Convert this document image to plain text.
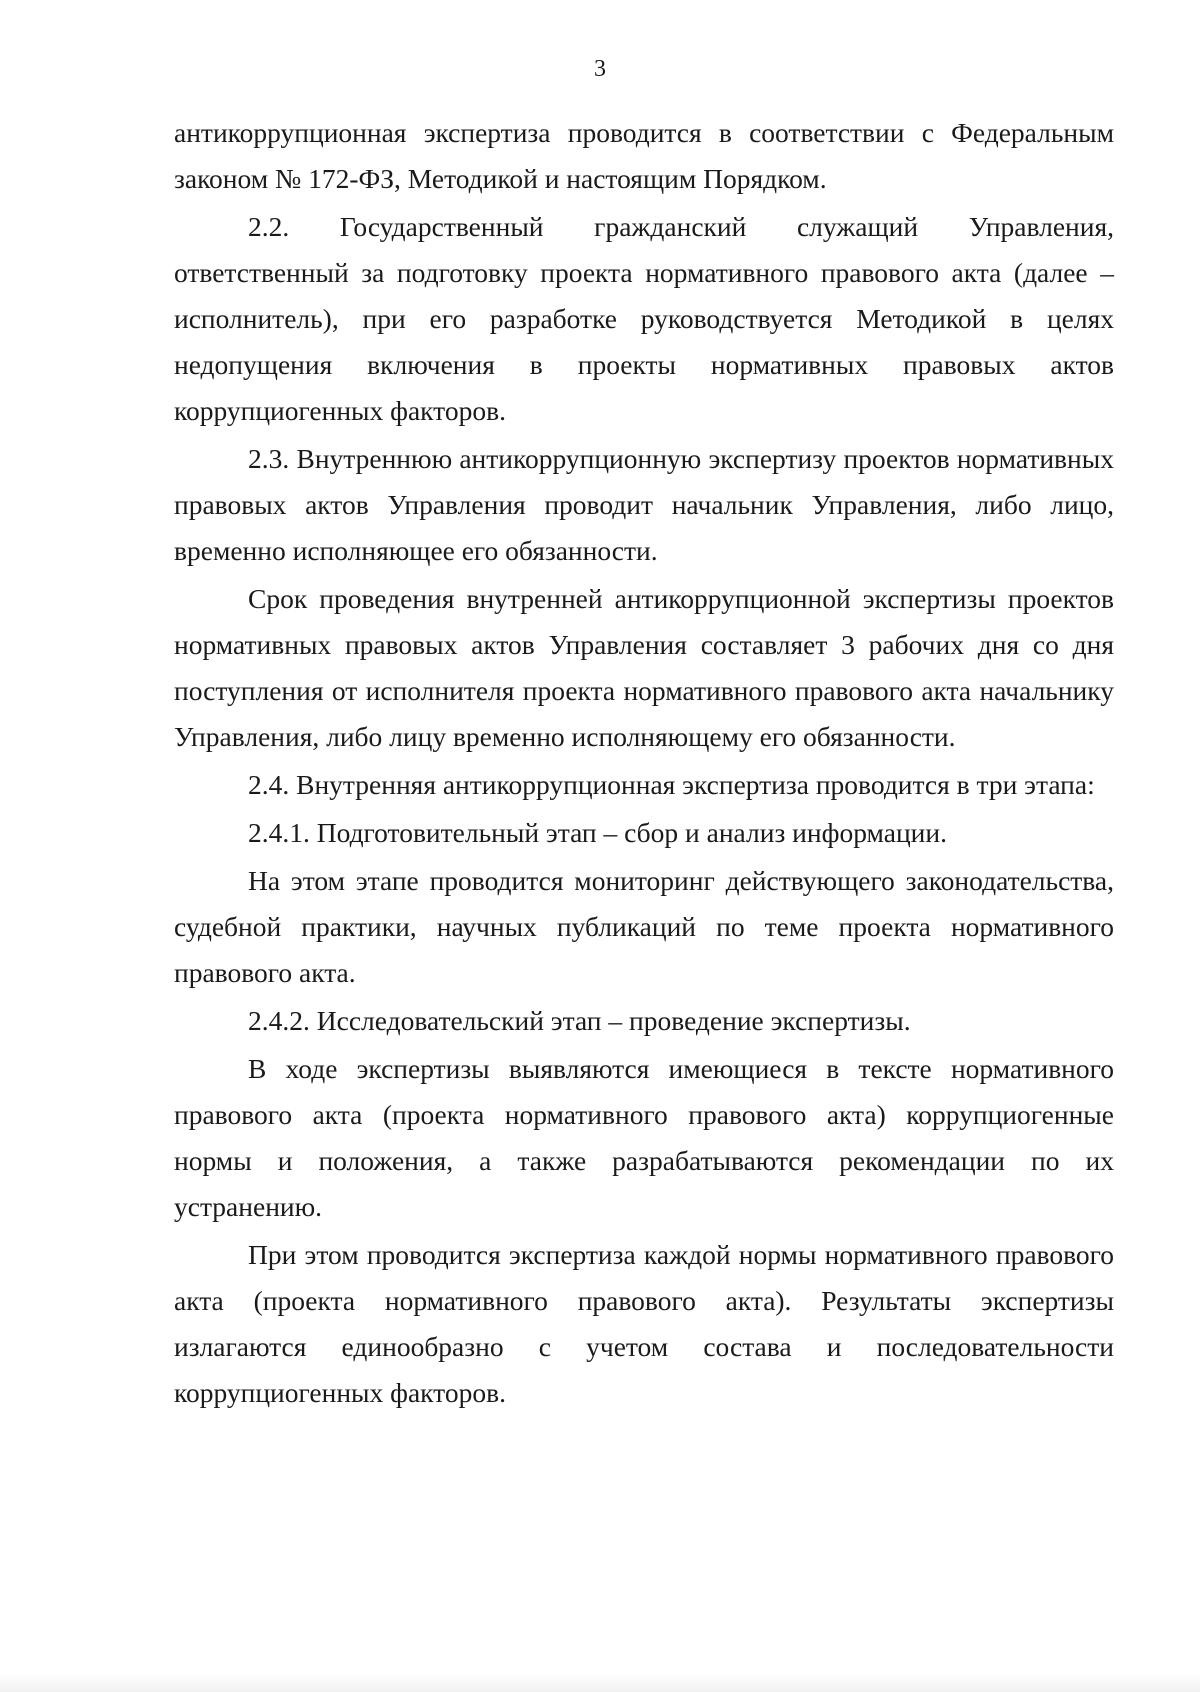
3

антикоррупционная экспертиза проводится в соответствии с Федеральным законом № 172-ФЗ, Методикой и настоящим Порядком.

2.2. Государственный гражданский служащий Управления, ответственный за подготовку проекта нормативного правового акта (далее – исполнитель), при его разработке руководствуется Методикой в целях недопущения включения в проекты нормативных правовых актов коррупциогенных факторов.

2.3. Внутреннюю антикоррупционную экспертизу проектов нормативных правовых актов Управления проводит начальник Управления, либо лицо, временно исполняющее его обязанности.

Срок проведения внутренней антикоррупционной экспертизы проектов нормативных правовых актов Управления составляет 3 рабочих дня со дня поступления от исполнителя проекта нормативного правового акта начальнику Управления, либо лицу временно исполняющему его обязанности.

2.4. Внутренняя антикоррупционная экспертиза проводится в три этапа:

2.4.1. Подготовительный этап – сбор и анализ информации.

На этом этапе проводится мониторинг действующего законодательства, судебной практики, научных публикаций по теме проекта нормативного правового акта.

2.4.2. Исследовательский этап – проведение экспертизы.

В ходе экспертизы выявляются имеющиеся в тексте нормативного правового акта (проекта нормативного правового акта) коррупциогенные нормы и положения, а также разрабатываются рекомендации по их устранению.

При этом проводится экспертиза каждой нормы нормативного правового акта (проекта нормативного правового акта). Результаты экспертизы излагаются единообразно с учетом состава и последовательности коррупциогенных факторов.
